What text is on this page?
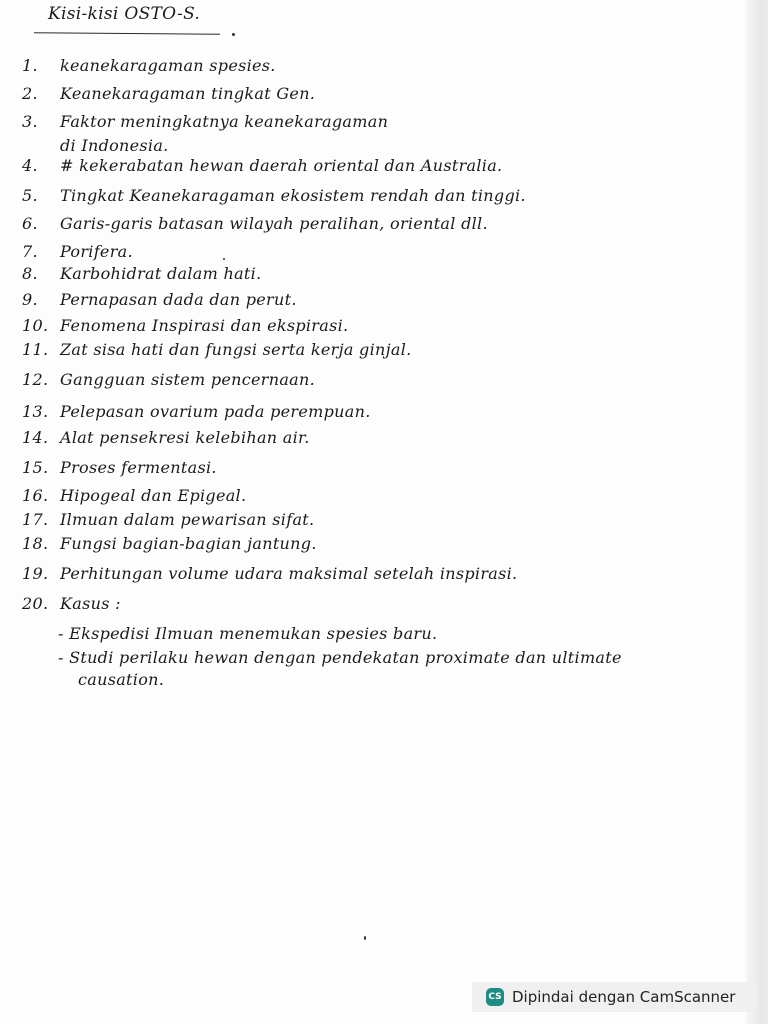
Kisi-kisi OSTO-S.
1.	keanekaragaman spesies.
2.	Keanekaragaman tingkat Gen.
3.	Faktor meningkatnya keanekaragaman
di Indonesia.
4.	# kekerabatan hewan daerah oriental dan Australia.
5.	Tingkat Keanekaragaman ekosistem rendah dan tinggi.
6.	Garis-garis batasan wilayah peralihan, oriental dll.
7.	Porifera.
8.	Karbohidrat dalam hati.
9.	Pernapasan dada dan perut.
10. Fenomena Inspirasi dan ekspirasi.
11. Zat sisa hati dan fungsi serta kerja ginjal.
12. Gangguan sistem pencernaan.
13. Pelepasan ovarium pada perempuan.
14. Alat pensekresi kelebihan air.
15. Proses fermentasi.
16. Hipogeal dan Epigeal.
17. Ilmuan dalam pewarisan sifat.
18. Fungsi bagian-bagian jantung.
19. Perhitungan volume udara maksimal setelah inspirasi.
20. Kasus :
- Ekspedisi Ilmuan menemukan spesies baru.
- Studi perilaku hewan dengan pendekatan proximate dan ultimate
causation.
CS Dipindai dengan CamScanner
